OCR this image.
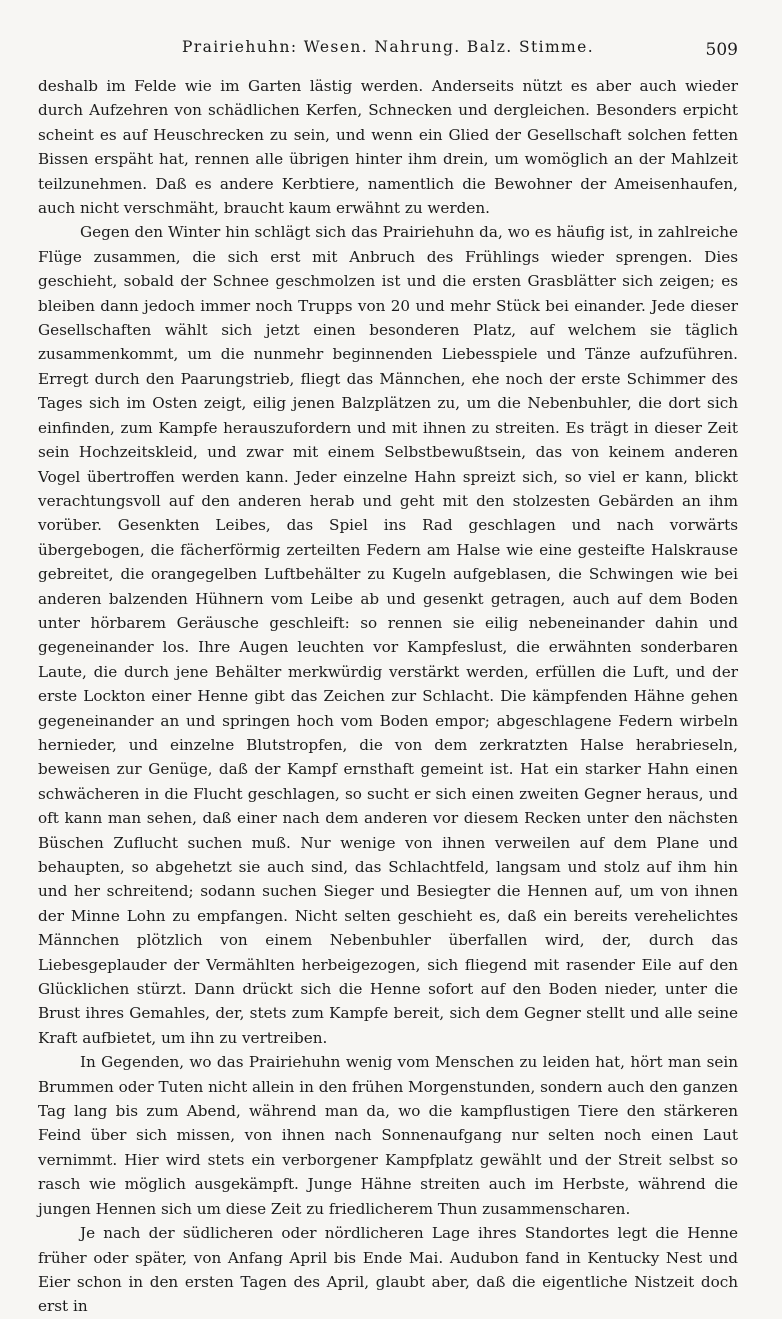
Prairiehuhn: Wesen. Nahrung. Balz. Stimme.	509

deshalb im Felde wie im Garten lästig werden. Anderseits nützt es aber auch wieder durch Aufzehren von schädlichen Kerfen, Schnecken und dergleichen. Besonders erpicht scheint es auf Heuschrecken zu sein, und wenn ein Glied der Gesellschaft solchen fetten Bissen erspäht hat, rennen alle übrigen hinter ihm drein, um womöglich an der Mahlzeit teilzunehmen. Daß es andere Kerbtiere, namentlich die Bewohner der Ameisenhaufen, auch nicht verschmäht, braucht kaum erwähnt zu werden.

Gegen den Winter hin schlägt sich das Prairiehuhn da, wo es häufig ist, in zahlreiche Flüge zusammen, die sich erst mit Anbruch des Frühlings wieder sprengen. Dies geschieht, sobald der Schnee geschmolzen ist und die ersten Grasblätter sich zeigen; es bleiben dann jedoch immer noch Trupps von 20 und mehr Stück bei einander. Jede dieser Gesellschaften wählt sich jetzt einen besonderen Platz, auf welchem sie täglich zusammenkommt, um die nunmehr beginnenden Liebesspiele und Tänze aufzuführen. Erregt durch den Paarungstrieb, fliegt das Männchen, ehe noch der erste Schimmer des Tages sich im Osten zeigt, eilig jenen Balzplätzen zu, um die Nebenbuhler, die dort sich einfinden, zum Kampfe herauszufordern und mit ihnen zu streiten. Es trägt in dieser Zeit sein Hochzeitskleid, und zwar mit einem Selbstbewußtsein, das von keinem anderen Vogel übertroffen werden kann. Jeder einzelne Hahn spreizt sich, so viel er kann, blickt verachtungsvoll auf den anderen herab und geht mit den stolzesten Gebärden an ihm vorüber. Gesenkten Leibes, das Spiel ins Rad geschlagen und nach vorwärts übergebogen, die fächerförmig zerteilten Federn am Halse wie eine gesteifte Halskrause gebreitet, die orangegelben Luftbehälter zu Kugeln aufgeblasen, die Schwingen wie bei anderen balzenden Hühnern vom Leibe ab und gesenkt getragen, auch auf dem Boden unter hörbarem Geräusche geschleift: so rennen sie eilig nebeneinander dahin und gegeneinander los. Ihre Augen leuchten vor Kampfeslust, die erwähnten sonderbaren Laute, die durch jene Behälter merkwürdig verstärkt werden, erfüllen die Luft, und der erste Lockton einer Henne gibt das Zeichen zur Schlacht. Die kämpfenden Hähne gehen gegeneinander an und springen hoch vom Boden empor; abgeschlagene Federn wirbeln hernieder, und einzelne Blutstropfen, die von dem zerkratzten Halse herabrieseln, beweisen zur Genüge, daß der Kampf ernsthaft gemeint ist. Hat ein starker Hahn einen schwächeren in die Flucht geschlagen, so sucht er sich einen zweiten Gegner heraus, und oft kann man sehen, daß einer nach dem anderen vor diesem Recken unter den nächsten Büschen Zuflucht suchen muß. Nur wenige von ihnen verweilen auf dem Plane und behaupten, so abgehetzt sie auch sind, das Schlachtfeld, langsam und stolz auf ihm hin und her schreitend; sodann suchen Sieger und Besiegter die Hennen auf, um von ihnen der Minne Lohn zu empfangen. Nicht selten geschieht es, daß ein bereits verehelichtes Männchen plötzlich von einem Nebenbuhler überfallen wird, der, durch das Liebesgeplauder der Vermählten herbeigezogen, sich fliegend mit rasender Eile auf den Glücklichen stürzt. Dann drückt sich die Henne sofort auf den Boden nieder, unter die Brust ihres Gemahles, der, stets zum Kampfe bereit, sich dem Gegner stellt und alle seine Kraft aufbietet, um ihn zu vertreiben.

In Gegenden, wo das Prairiehuhn wenig vom Menschen zu leiden hat, hört man sein Brummen oder Tuten nicht allein in den frühen Morgenstunden, sondern auch den ganzen Tag lang bis zum Abend, während man da, wo die kampflustigen Tiere den stärkeren Feind über sich missen, von ihnen nach Sonnenaufgang nur selten noch einen Laut vernimmt. Hier wird stets ein verborgener Kampfplatz gewählt und der Streit selbst so rasch wie möglich ausgekämpft. Junge Hähne streiten auch im Herbste, während die jungen Hennen sich um diese Zeit zu friedlicherem Thun zusammenscharen.

Je nach der südlicheren oder nördlicheren Lage ihres Standortes legt die Henne früher oder später, von Anfang April bis Ende Mai. Audubon fand in Kentucky Nest und Eier schon in den ersten Tagen des April, glaubt aber, daß die eigentliche Nistzeit doch erst in
